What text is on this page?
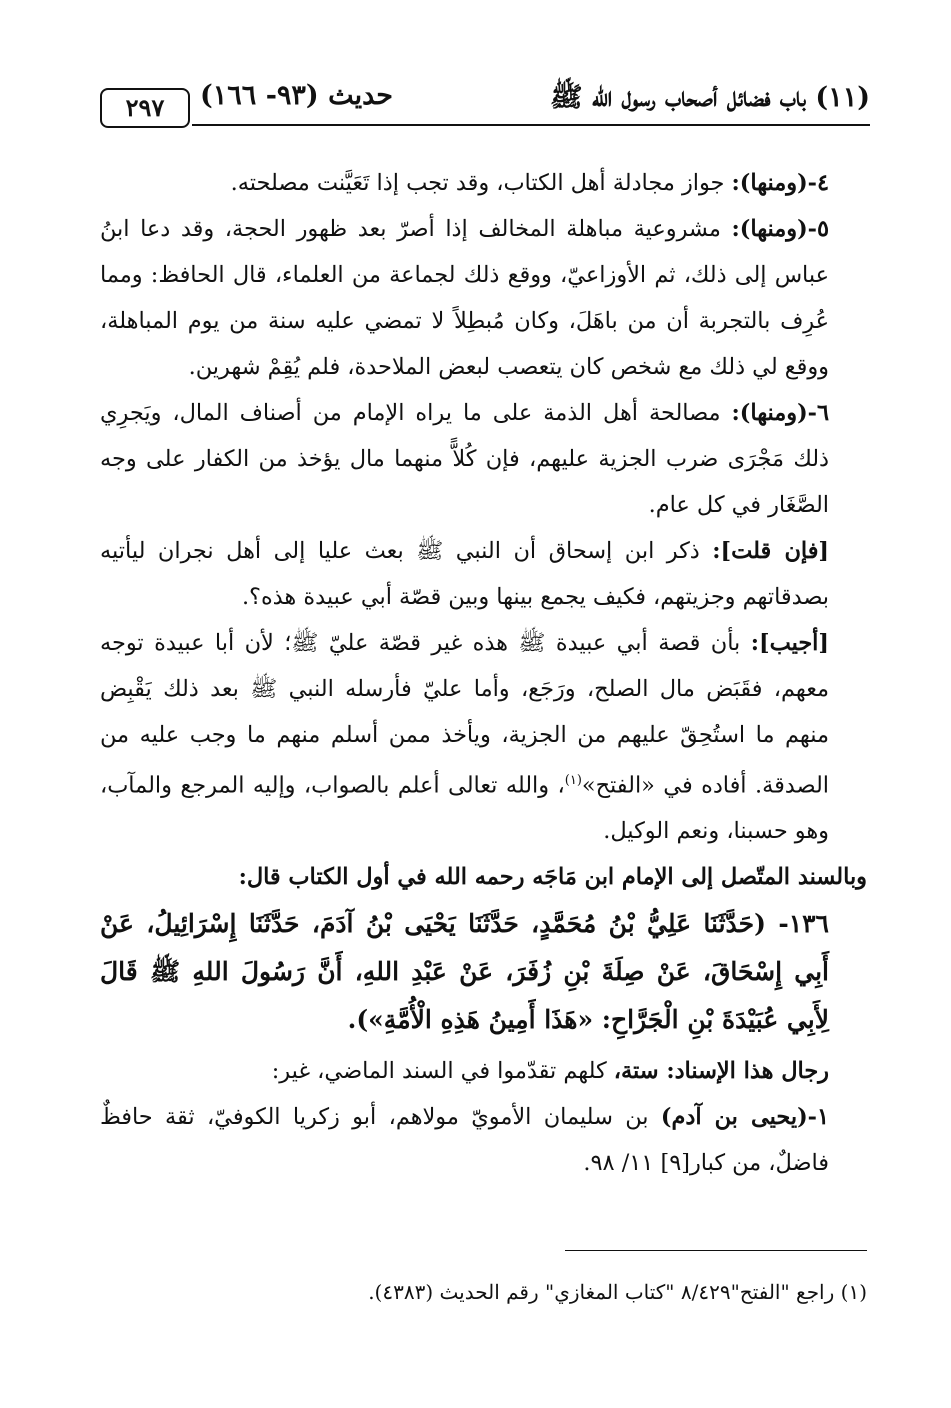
(١١) باب فضائل أصحاب رسول الله ﷺ
حديث (٩٣- ١٦٦)
٢٩٧

٤-(ومنها): جواز مجادلة أهل الكتاب، وقد تجب إذا تَعَيَّنت مصلحته.

٥-(ومنها): مشروعية مباهلة المخالف إذا أصرّ بعد ظهور الحجة، وقد دعا ابنُ عباس إلى ذلك، ثم الأوزاعيّ، ووقع ذلك لجماعة من العلماء، قال الحافظ: ومما عُرِف بالتجربة أن من باهَلَ، وكان مُبطِلاً لا تمضي عليه سنة من يوم المباهلة، ووقع لي ذلك مع شخص كان يتعصب لبعض الملاحدة، فلم يُقِمْ شهرين.

٦-(ومنها): مصالحة أهل الذمة على ما يراه الإمام من أصناف المال، ويَجرِي ذلك مَجْرَى ضرب الجزية عليهم، فإن كُلاًّ منهما مال يؤخذ من الكفار على وجه الصَّغَار في كل عام.

[فإن قلت]: ذكر ابن إسحاق أن النبي ﷺ بعث عليا إلى أهل نجران ليأتيه بصدقاتهم وجزيتهم، فكيف يجمع بينها وبين قصّة أبي عبيدة هذه؟.

[أجيب]: بأن قصة أبي عبيدة ﷺ هذه غير قصّة عليّ ﷺ؛ لأن أبا عبيدة توجه معهم، فقَبَض مال الصلح، ورَجَع، وأما عليّ فأرسله النبي ﷺ بعد ذلك يَقْبِض منهم ما استُحِقّ عليهم من الجزية، ويأخذ ممن أسلم منهم ما وجب عليه من الصدقة. أفاده في «الفتح»$^{(١)}$، والله تعالى أعلم بالصواب، وإليه المرجع والمآب، وهو حسبنا، ونعم الوكيل.

وبالسند المتّصل إلى الإمام ابن مَاجَه رحمه الله في أول الكتاب قال:

١٣٦- (حَدَّثَنَا عَلِيُّ بْنُ مُحَمَّدٍ، حَدَّثَنَا يَحْيَى بْنُ آدَمَ، حَدَّثَنَا إِسْرَائِيلُ، عَنْ أَبِي إِسْحَاقَ، عَنْ صِلَةَ بْنِ زُفَرَ، عَنْ عَبْدِ اللهِ، أَنَّ رَسُولَ اللهِ ﷺ قَالَ لِأَبِي عُبَيْدَةَ بْنِ الْجَرَّاحِ: «هَذَا أَمِينُ هَذِهِ الْأُمَّةِ»).

رجال هذا الإسناد: ستة، كلهم تقدّموا في السند الماضي، غير:

١-(يحيى بن آدم) بن سليمان الأمويّ مولاهم، أبو زكريا الكوفيّ، ثقة حافظٌ فاضلٌ، من كبار[٩] ١١/ ٩٨.

(١) راجع "الفتح"٨/٤٢٩ "كتاب المغازي" رقم الحديث (٤٣٨٣).
